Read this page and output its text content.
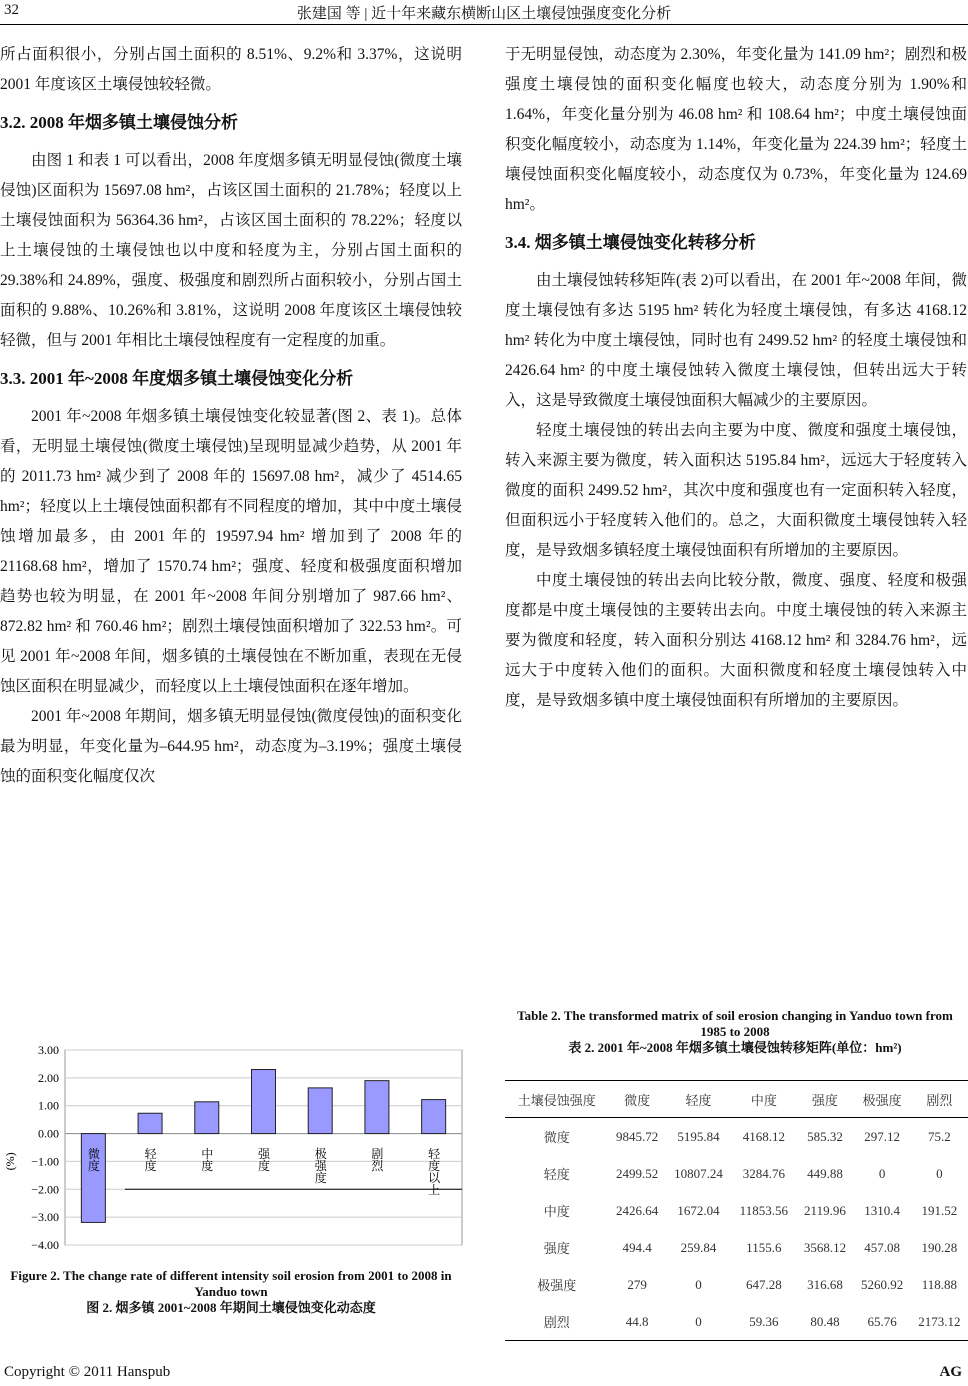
32	张建国 等 | 近十年来藏东横断山区土壤侵蚀强度变化分析

所占面积很小，分别占国土面积的 8.51%、9.2%和 3.37%，这说明 2001 年度该区土壤侵蚀较轻微。

3.2. 2008 年烟多镇土壤侵蚀分析

由图 1 和表 1 可以看出，2008 年度烟多镇无明显侵蚀(微度土壤侵蚀)区面积为 15697.08 hm²，占该区国土面积的 21.78%；轻度以上土壤侵蚀面积为 56364.36 hm²，占该区国土面积的 78.22%；轻度以上土壤侵蚀的土壤侵蚀也以中度和轻度为主，分别占国土面积的 29.38%和 24.89%，强度、极强度和剧烈所占面积较小，分别占国土面积的 9.88%、10.26%和 3.81%，这说明 2008 年度该区土壤侵蚀较轻微，但与 2001 年相比土壤侵蚀程度有一定程度的加重。

3.3. 2001 年~2008 年度烟多镇土壤侵蚀变化分析

2001 年~2008 年烟多镇土壤侵蚀变化较显著(图 2、表 1)。总体看，无明显土壤侵蚀(微度土壤侵蚀)呈现明显减少趋势，从 2001 年的 2011.73 hm² 减少到了 2008 年的 15697.08 hm²，减少了 4514.65 hm²；轻度以上土壤侵蚀面积都有不同程度的增加，其中中度土壤侵蚀增加最多，由 2001 年的 19597.94 hm² 增加到了 2008 年的 21168.68 hm²，增加了 1570.74 hm²；强度、轻度和极强度面积增加趋势也较为明显，在 2001 年~2008 年间分别增加了 987.66 hm²、872.82 hm² 和 760.46 hm²；剧烈土壤侵蚀面积增加了 322.53 hm²。可见 2001 年~2008 年间，烟多镇的土壤侵蚀在不断加重，表现在无侵蚀区面积在明显减少，而轻度以上土壤侵蚀面积在逐年增加。

2001 年~2008 年期间，烟多镇无明显侵蚀(微度侵蚀)的面积变化最为明显，年变化量为–644.95 hm²，动态度为–3.19%；强度土壤侵蚀的面积变化幅度仅次

于无明显侵蚀，动态度为 2.30%，年变化量为 141.09 hm²；剧烈和极强度土壤侵蚀的面积变化幅度也较大，动态度分别为 1.90%和 1.64%，年变化量分别为 46.08 hm² 和 108.64 hm²；中度土壤侵蚀面积变化幅度较小，动态度为 1.14%，年变化量为 224.39 hm²；轻度土壤侵蚀面积变化幅度较小，动态度仅为 0.73%，年变化量为 124.69 hm²。

3.4. 烟多镇土壤侵蚀变化转移分析

由土壤侵蚀转移矩阵(表 2)可以看出，在 2001 年~2008 年间，微度土壤侵蚀有多达 5195 hm² 转化为轻度土壤侵蚀，有多达 4168.12 hm² 转化为中度土壤侵蚀，同时也有 2499.52 hm² 的轻度土壤侵蚀和 2426.64 hm² 的中度土壤侵蚀转入微度土壤侵蚀，但转出远大于转入，这是导致微度土壤侵蚀面积大幅减少的主要原因。

轻度土壤侵蚀的转出去向主要为中度、微度和强度土壤侵蚀，转入来源主要为微度，转入面积达 5195.84 hm²，远远大于轻度转入微度的面积 2499.52 hm²，其次中度和强度也有一定面积转入轻度，但面积远小于轻度转入他们的。总之，大面积微度土壤侵蚀转入轻度，是导致烟多镇轻度土壤侵蚀面积有所增加的主要原因。

中度土壤侵蚀的转出去向比较分散，微度、强度、轻度和极强度都是中度土壤侵蚀的主要转出去向。中度土壤侵蚀的转入来源主要为微度和轻度，转入面积分别达 4168.12 hm² 和 3284.76 hm²，远远大于中度转入他们的面积。大面积微度和轻度土壤侵蚀转入中度，是导致烟多镇中度土壤侵蚀面积有所增加的主要原因。

3.00
2.00
1.00
0.00
−1.00
−2.00
−3.00
−4.00
(%)	微度	轻度	中度	强度	极强度	剧烈	轻度以上
Figure 2. The change rate of different intensity soil erosion from 2001 to 2008 in Yanduo town
图 2. 烟多镇 2001~2008 年期间土壤侵蚀变化动态度
Table 2. The transformed matrix of soil erosion changing in Yanduo town from 1985 to 2008
表 2. 2001 年~2008 年烟多镇土壤侵蚀转移矩阵(单位：hm²)
土壤侵蚀强度	微度	轻度	中度	强度	极强度	剧烈
微度	9845.72	5195.84	4168.12	585.32	297.12	75.2
轻度	2499.52	10807.24	3284.76	449.88	0	0
中度	2426.64	1672.04	11853.56	2119.96	1310.4	191.52
强度	494.4	259.84	1155.6	3568.12	457.08	190.28
极强度	279	0	647.28	316.68	5260.92	118.88
剧烈	44.8	0	59.36	80.48	65.76	2173.12
Copyright © 2011 Hanspub	AG
